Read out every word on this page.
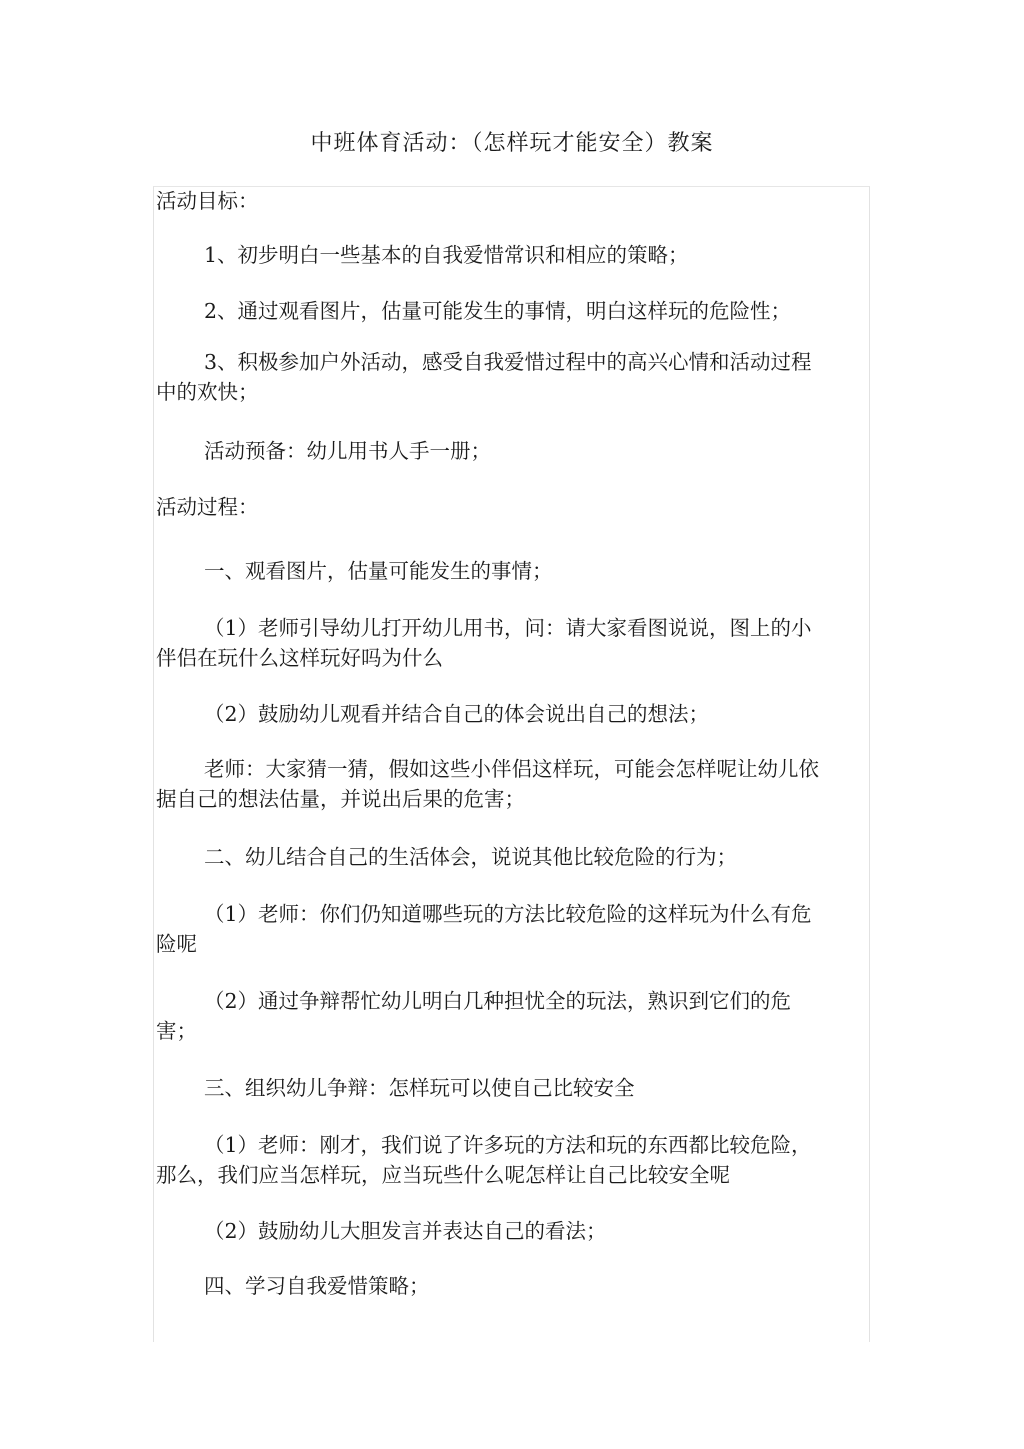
中班体育活动：（怎样玩才能安全）教案

活动目标：

1、初步明白一些基本的自我爱惜常识和相应的策略；

2、通过观看图片，估量可能发生的事情，明白这样玩的危险性；

3、积极参加户外活动，感受自我爱惜过程中的高兴心情和活动过程中的欢快；

活动预备：幼儿用书人手一册；

活动过程：

一、观看图片，估量可能发生的事情；

（1）老师引导幼儿打开幼儿用书，问：请大家看图说说，图上的小伴侣在玩什么这样玩好吗为什么

（2）鼓励幼儿观看并结合自己的体会说出自己的想法；

老师：大家猜一猜，假如这些小伴侣这样玩，可能会怎样呢让幼儿依据自己的想法估量，并说出后果的危害；

二、幼儿结合自己的生活体会，说说其他比较危险的行为；

（1）老师：你们仍知道哪些玩的方法比较危险的这样玩为什么有危险呢

（2）通过争辩帮忙幼儿明白几种担忧全的玩法，熟识到它们的危害；

三、组织幼儿争辩：怎样玩可以使自己比较安全

（1）老师：刚才，我们说了许多玩的方法和玩的东西都比较危险，那么，我们应当怎样玩，应当玩些什么呢怎样让自己比较安全呢

（2）鼓励幼儿大胆发言并表达自己的看法；

四、学习自我爱惜策略；
